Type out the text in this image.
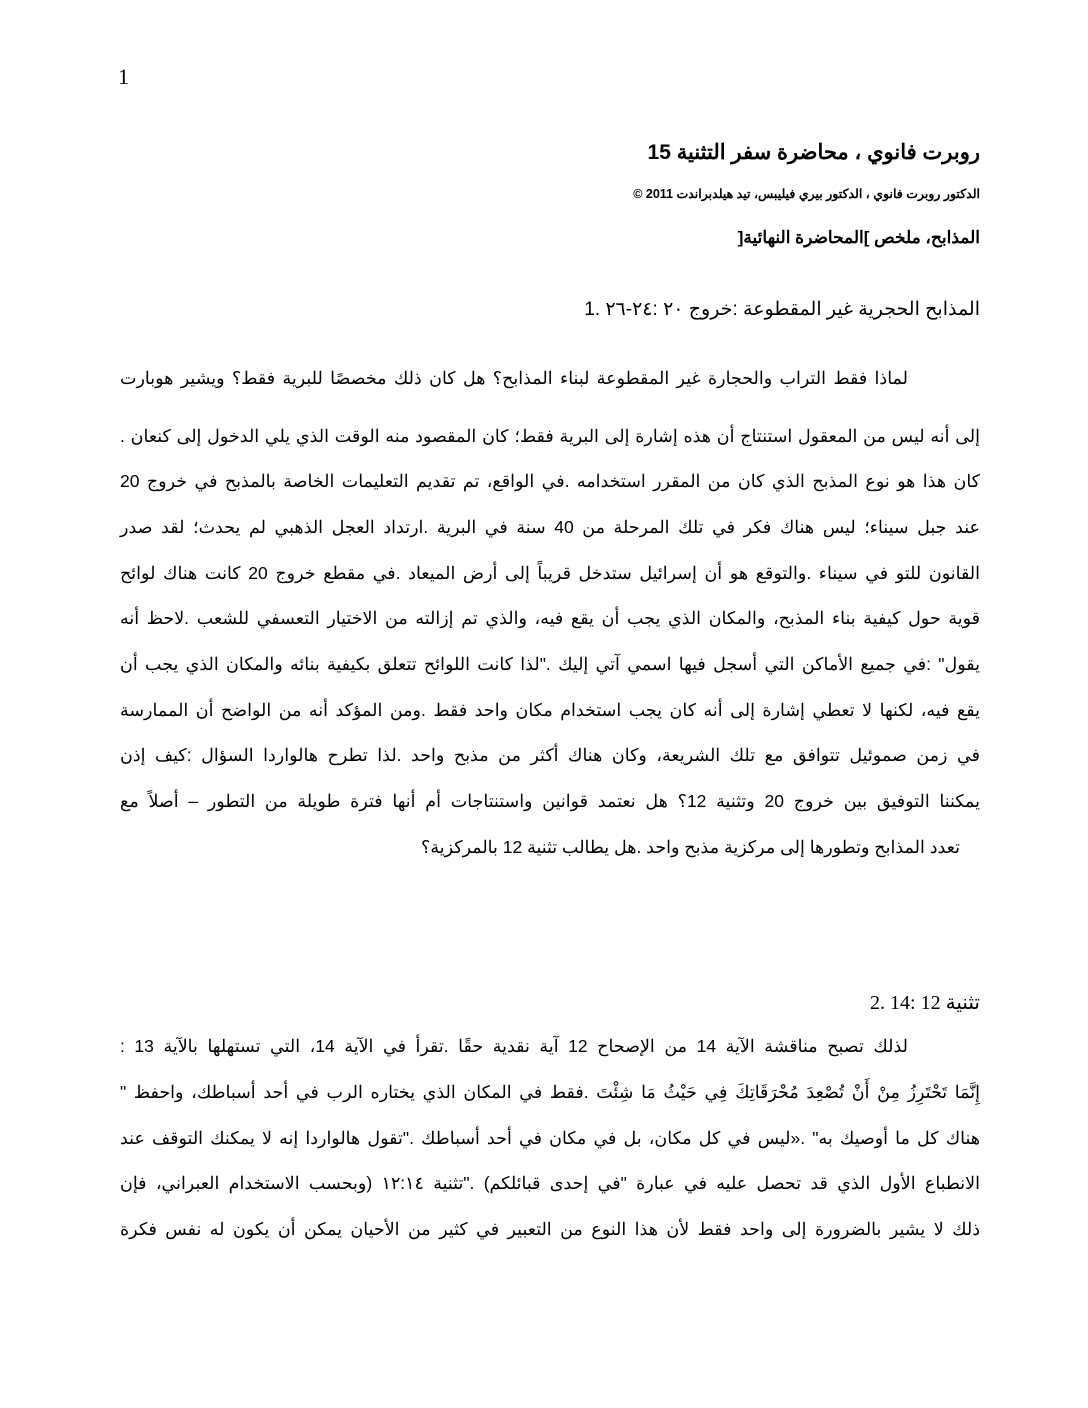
1
روبرت فانوي ، محاضرة سفر التثنية 15
الدكتور روبرت فانوي ، الدكتور بيري فيليبس، تيد هيلدبراندت 2011 ©
المذابح، ملخص ]المحاضرة النهائية[
المذابح الحجرية غير المقطوعة :خروج ٢٠ :٢٤-٢٦ .1
لماذا فقط التراب والحجارة غير المقطوعة لبناء المذابح؟ هل كان ذلك مخصصًا للبرية فقط؟ ويشير هوبارت
إلى أنه ليس من المعقول استنتاج أن هذه إشارة إلى البرية فقط؛ كان المقصود منه الوقت الذي يلي الدخول إلى كنعان .
كان هذا هو نوع المذبح الذي كان من المقرر استخدامه .في الواقع، تم تقديم التعليمات الخاصة بالمذبح في خروج 20
عند جبل سيناء؛ ليس هناك فكر في تلك المرحلة من 40 سنة في البرية .ارتداد العجل الذهبي لم يحدث؛ لقد صدر
القانون للتو في سيناء .والتوقع هو أن إسرائيل ستدخل قريباً إلى أرض الميعاد .في مقطع خروج 20 كانت هناك لوائح
قوية حول كيفية بناء المذبح، والمكان الذي يجب أن يقع فيه، والذي تم إزالته من الاختيار التعسفي للشعب .لاحظ أنه
يقول" :في جميع الأماكن التي أسجل فيها اسمي آتي إليك ."لذا كانت اللوائح تتعلق بكيفية بنائه والمكان الذي يجب أن
يقع فيه، لكنها لا تعطي إشارة إلى أنه كان يجب استخدام مكان واحد فقط .ومن المؤكد أنه من الواضح أن الممارسة
في زمن صموئيل تتوافق مع تلك الشريعة، وكان هناك أكثر من مذبح واحد .لذا تطرح هالواردا السؤال :كيف إذن
يمكننا التوفيق بين خروج 20 وتثنية 12؟ هل نعتمد قوانين واستنتاجات أم أنها فترة طويلة من التطور – أصلاً مع
تعدد المذابح وتطورها إلى مركزية مذبح واحد .هل يطالب تثنية 12 بالمركزية؟
تثنية 12 :14 .2
لذلك تصبح مناقشة الآية 14 من الإصحاح 12 آية نقدية حقًا .تقرأ في الآية 14، التي تستهلها بالآية 13 :
إِنَّمَا تَحْتَرِزُ مِنْ أَنْ تُصْعِدَ مُحْرَقَاتِكَ فِي حَيْثُ مَا شِئْتَ .فقط في المكان الذي يختاره الرب في أحد أسباطك، واحفظ "
هناك كل ما أوصيك به" .«ليس في كل مكان، بل في مكان في أحد أسباطك ."تقول هالواردا إنه لا يمكنك التوقف عند
الانطباع الأول الذي قد تحصل عليه في عبارة "في إحدى قبائلكم) ."تثنية ١٢:١٤ (وبحسب الاستخدام العبراني، فإن
ذلك لا يشير بالضرورة إلى واحد فقط لأن هذا النوع من التعبير في كثير من الأحيان يمكن أن يكون له نفس فكرة
